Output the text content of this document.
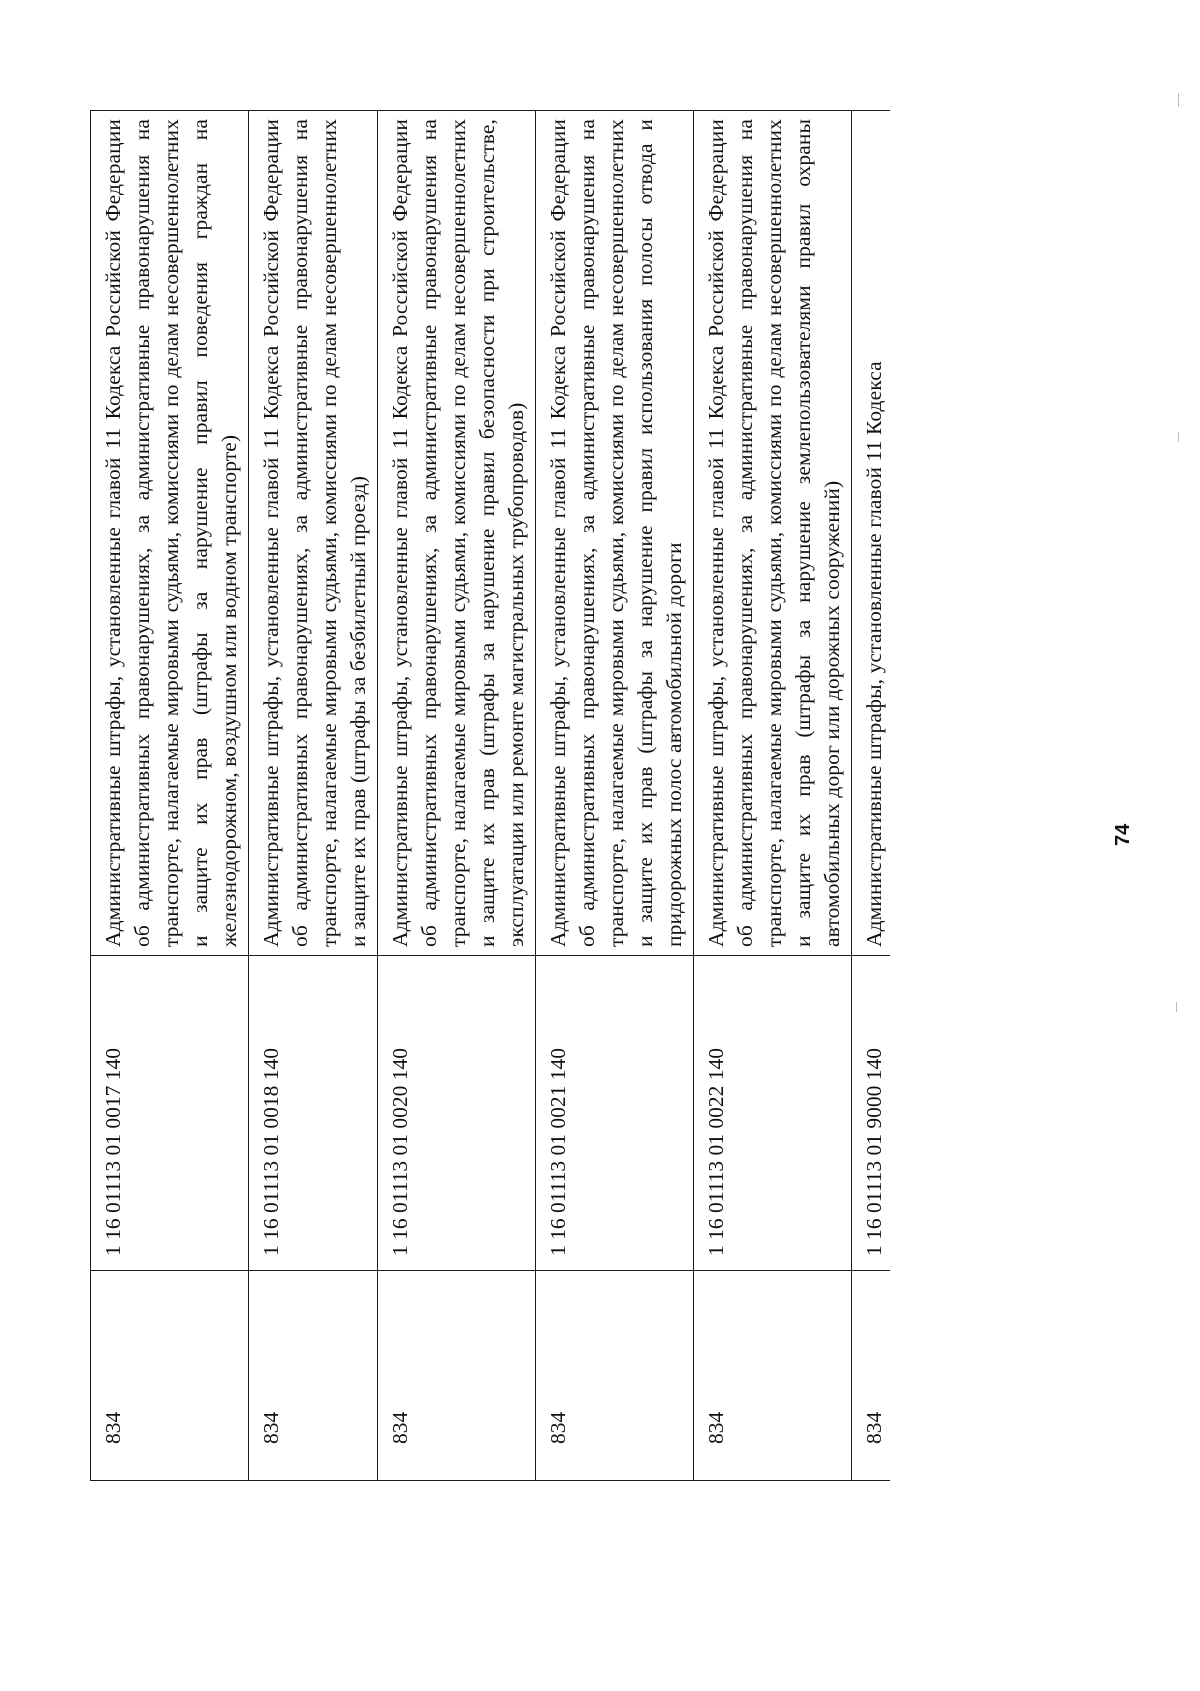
834	1 16 01113 01 0017 140	Административные штрафы, установленные главой 11 Кодекса Российской Федерации об административных правонарушениях, за административные правонарушения на транспорте, налагаемые мировыми судьями, комиссиями по делам несовершеннолетних и защите их прав (штрафы за нарушение правил поведения граждан на железнодорожном, воздушном или водном транспорте)
834	1 16 01113 01 0018 140	Административные штрафы, установленные главой 11 Кодекса Российской Федерации об административных правонарушениях, за административные правонарушения на транспорте, налагаемые мировыми судьями, комиссиями по делам несовершеннолетних и защите их прав (штрафы за безбилетный проезд)
834	1 16 01113 01 0020 140	Административные штрафы, установленные главой 11 Кодекса Российской Федерации об административных правонарушениях, за административные правонарушения на транспорте, налагаемые мировыми судьями, комиссиями по делам несовершеннолетних и защите их прав (штрафы за нарушение правил безопасности при строительстве, эксплуатации или ремонте магистральных трубопроводов)
834	1 16 01113 01 0021 140	Административные штрафы, установленные главой 11 Кодекса Российской Федерации об административных правонарушениях, за административные правонарушения на транспорте, налагаемые мировыми судьями, комиссиями по делам несовершеннолетних и защите их прав (штрафы за нарушение правил использования полосы отвода и придорожных полос автомобильной дороги
834	1 16 01113 01 0022 140	Административные штрафы, установленные главой 11 Кодекса Российской Федерации об административных правонарушениях, за административные правонарушения на транспорте, налагаемые мировыми судьями, комиссиями по делам несовершеннолетних и защите их прав (штрафы за нарушение землепользователями правил охраны автомобильных дорог или дорожных сооружений)
834	1 16 01113 01 9000 140	Административные штрафы, установленные главой 11 Кодекса	74
